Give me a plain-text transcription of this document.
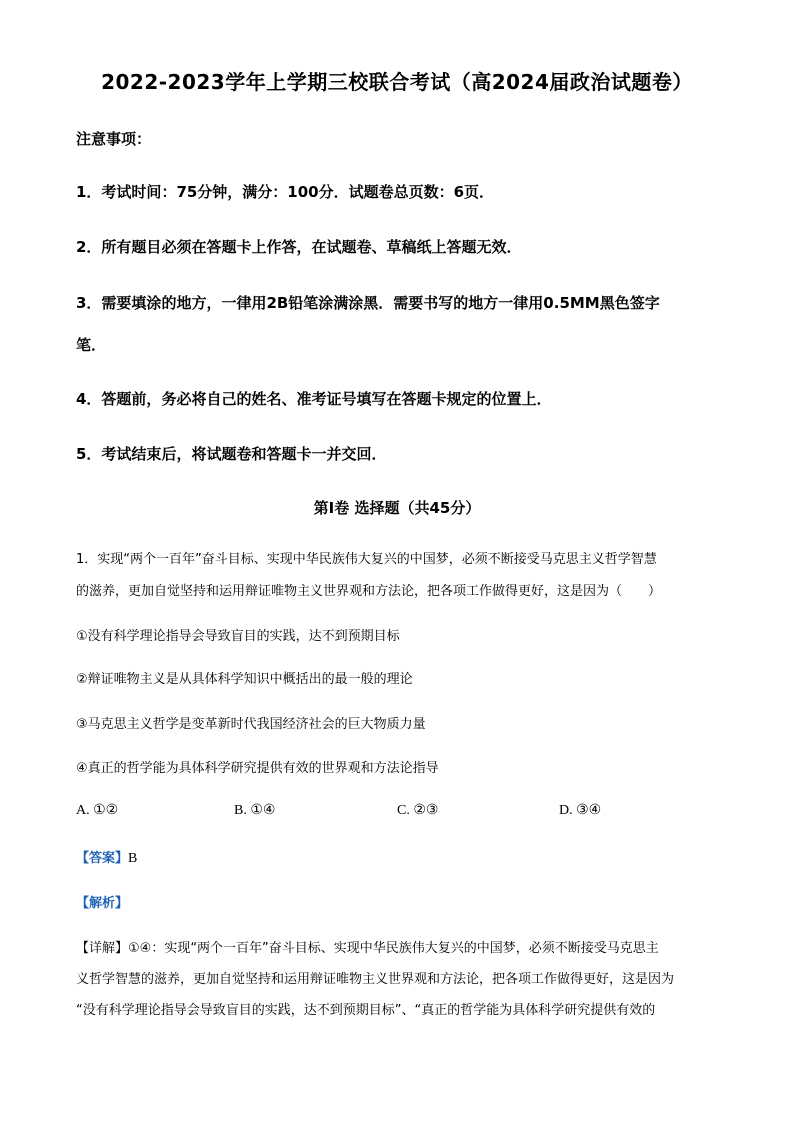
2022-2023学年上学期三校联合考试（高2024届政治试题卷）
注意事项：
1．考试时间：75分钟，满分：100分．试题卷总页数：6页．
2．所有题目必须在答题卡上作答，在试题卷、草稿纸上答题无效．
3．需要填涂的地方，一律用2B铅笔涂满涂黑．需要书写的地方一律用0.5MM黑色签字
笔．
4．答题前，务必将自己的姓名、准考证号填写在答题卡规定的位置上．
5．考试结束后，将试题卷和答题卡一并交回．
第Ⅰ卷 选择题（共45分）
1．实现“两个一百年”奋斗目标、实现中华民族伟大复兴的中国梦，必须不断接受马克思主义哲学智慧
的滋养，更加自觉坚持和运用辩证唯物主义世界观和方法论，把各项工作做得更好，这是因为（　　）
①没有科学理论指导会导致盲目的实践，达不到预期目标
②辩证唯物主义是从具体科学知识中概括出的最一般的理论
③马克思主义哲学是变革新时代我国经济社会的巨大物质力量
④真正的哲学能为具体科学研究提供有效的世界观和方法论指导
A. ①②	B. ①④	C. ②③	D. ③④
【答案】B
【解析】
【详解】①④：实现“两个一百年”奋斗目标、实现中华民族伟大复兴的中国梦，必须不断接受马克思主
义哲学智慧的滋养，更加自觉坚持和运用辩证唯物主义世界观和方法论，把各项工作做得更好，这是因为
“没有科学理论指导会导致盲目的实践，达不到预期目标”、“真正的哲学能为具体科学研究提供有效的
